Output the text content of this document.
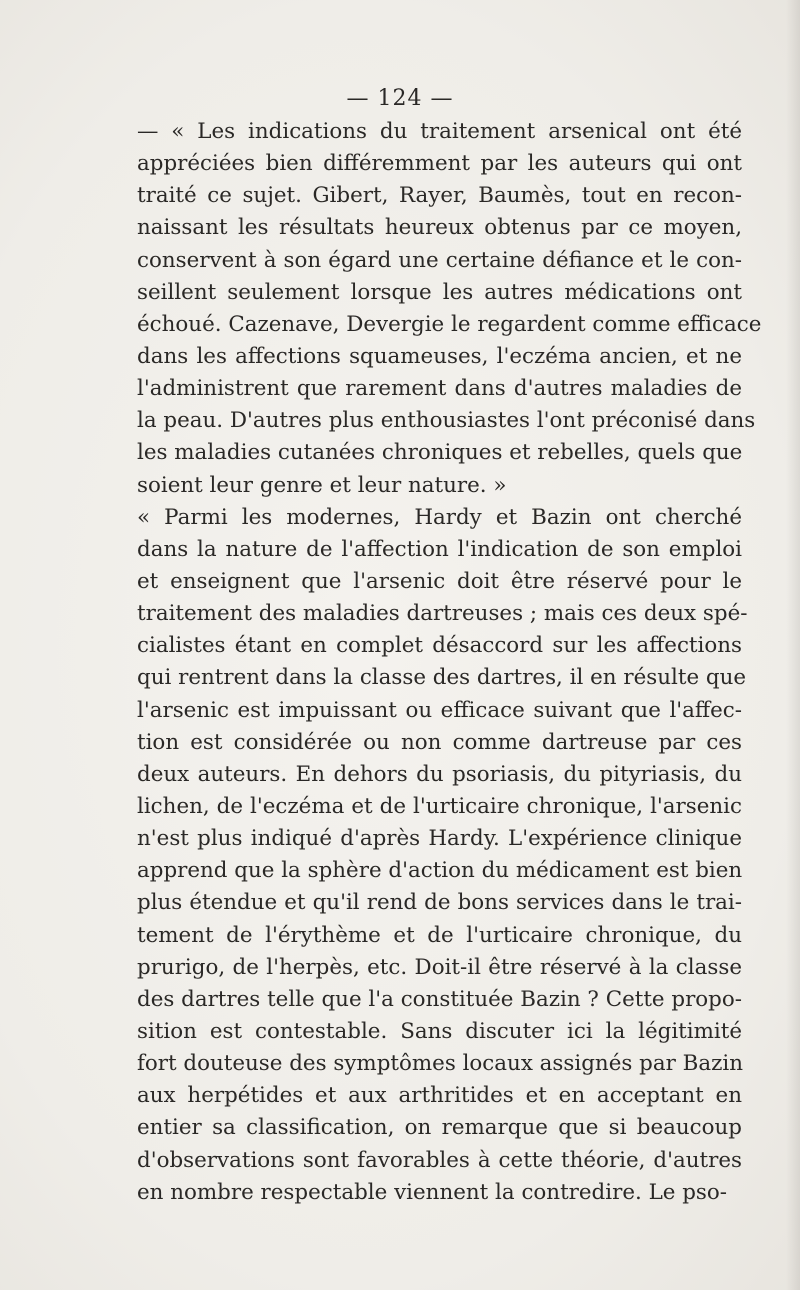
— 124 —
— « Les indications du traitement arsenical ont été
appréciées bien différemment par les auteurs qui ont
traité ce sujet. Gibert, Rayer, Baumès, tout en recon-
naissant les résultats heureux obtenus par ce moyen,
conservent à son égard une certaine défiance et le con-
seillent seulement lorsque les autres médications ont
échoué. Cazenave, Devergie le regardent comme efficace
dans les affections squameuses, l'eczéma ancien, et ne
l'administrent que rarement dans d'autres maladies de
la peau. D'autres plus enthousiastes l'ont préconisé dans
les maladies cutanées chroniques et rebelles, quels que
soient leur genre et leur nature. »
« Parmi les modernes, Hardy et Bazin ont cherché
dans la nature de l'affection l'indication de son emploi
et enseignent que l'arsenic doit être réservé pour le
traitement des maladies dartreuses ; mais ces deux spé-
cialistes étant en complet désaccord sur les affections
qui rentrent dans la classe des dartres, il en résulte que
l'arsenic est impuissant ou efficace suivant que l'affec-
tion est considérée ou non comme dartreuse par ces
deux auteurs. En dehors du psoriasis, du pityriasis, du
lichen, de l'eczéma et de l'urticaire chronique, l'arsenic
n'est plus indiqué d'après Hardy. L'expérience clinique
apprend que la sphère d'action du médicament est bien
plus étendue et qu'il rend de bons services dans le trai-
tement de l'érythème et de l'urticaire chronique, du
prurigo, de l'herpès, etc. Doit-il être réservé à la classe
des dartres telle que l'a constituée Bazin ? Cette propo-
sition est contestable. Sans discuter ici la légitimité
fort douteuse des symptômes locaux assignés par Bazin
aux herpétides et aux arthritides et en acceptant en
entier sa classification, on remarque que si beaucoup
d'observations sont favorables à cette théorie, d'autres
en nombre respectable viennent la contredire. Le pso-
